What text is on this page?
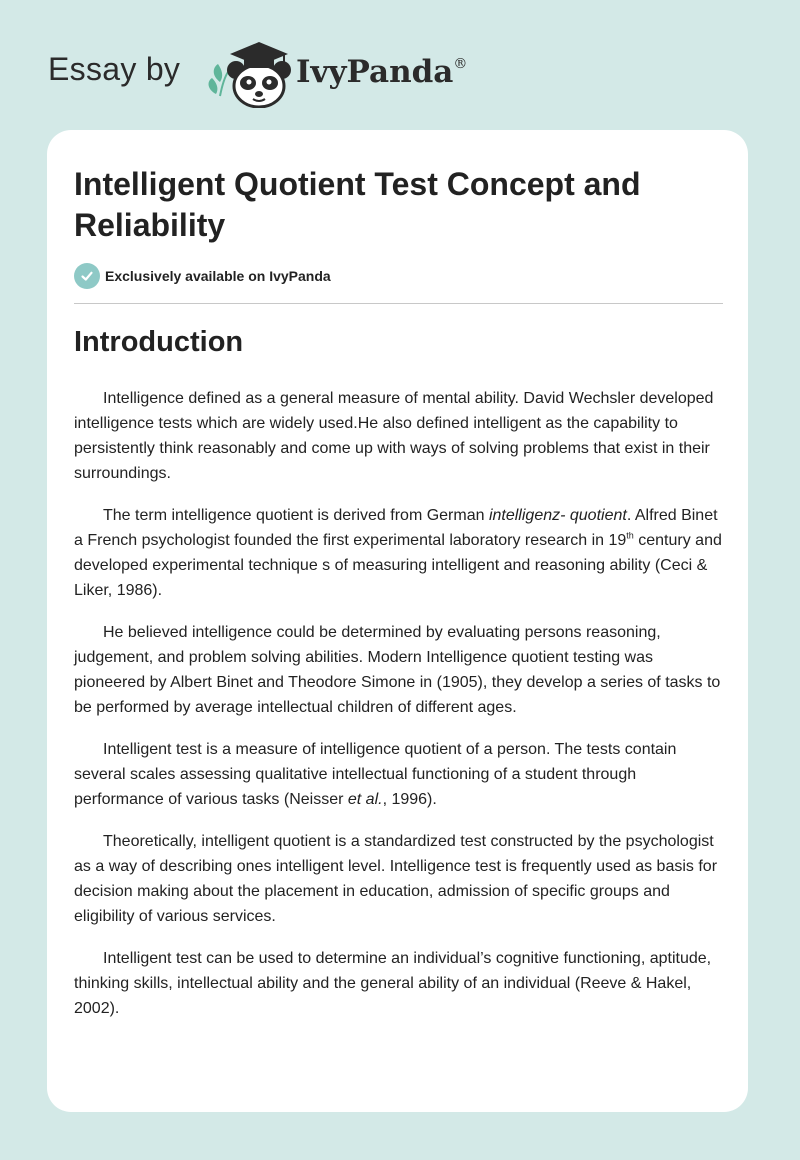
Essay by	IvyPanda®
Intelligent Quotient Test Concept and Reliability
Exclusively available on IvyPanda
Introduction

Intelligence defined as a general measure of mental ability. David Wechsler developed intelligence tests which are widely used.He also defined intelligent as the capability to persistently think reasonably and come up with ways of solving problems that exist in their surroundings.

The term intelligence quotient is derived from German intelligenz- quotient. Alfred Binet a French psychologist founded the first experimental laboratory research in 19th century and developed experimental technique s of measuring intelligent and reasoning ability (Ceci & Liker, 1986).

He believed intelligence could be determined by evaluating persons reasoning, judgement, and problem solving abilities. Modern Intelligence quotient testing was pioneered by Albert Binet and Theodore Simone in (1905), they develop a series of tasks to be performed by average intellectual children of different ages.

Intelligent test is a measure of intelligence quotient of a person. The tests contain several scales assessing qualitative intellectual functioning of a student through performance of various tasks (Neisser et al., 1996).

Theoretically, intelligent quotient is a standardized test constructed by the psychologist as a way of describing ones intelligent level. Intelligence test is frequently used as basis for decision making about the placement in education, admission of specific groups and eligibility of various services.

Intelligent test can be used to determine an individual’s cognitive functioning, aptitude, thinking skills, intellectual ability and the general ability of an individual (Reeve & Hakel, 2002).
